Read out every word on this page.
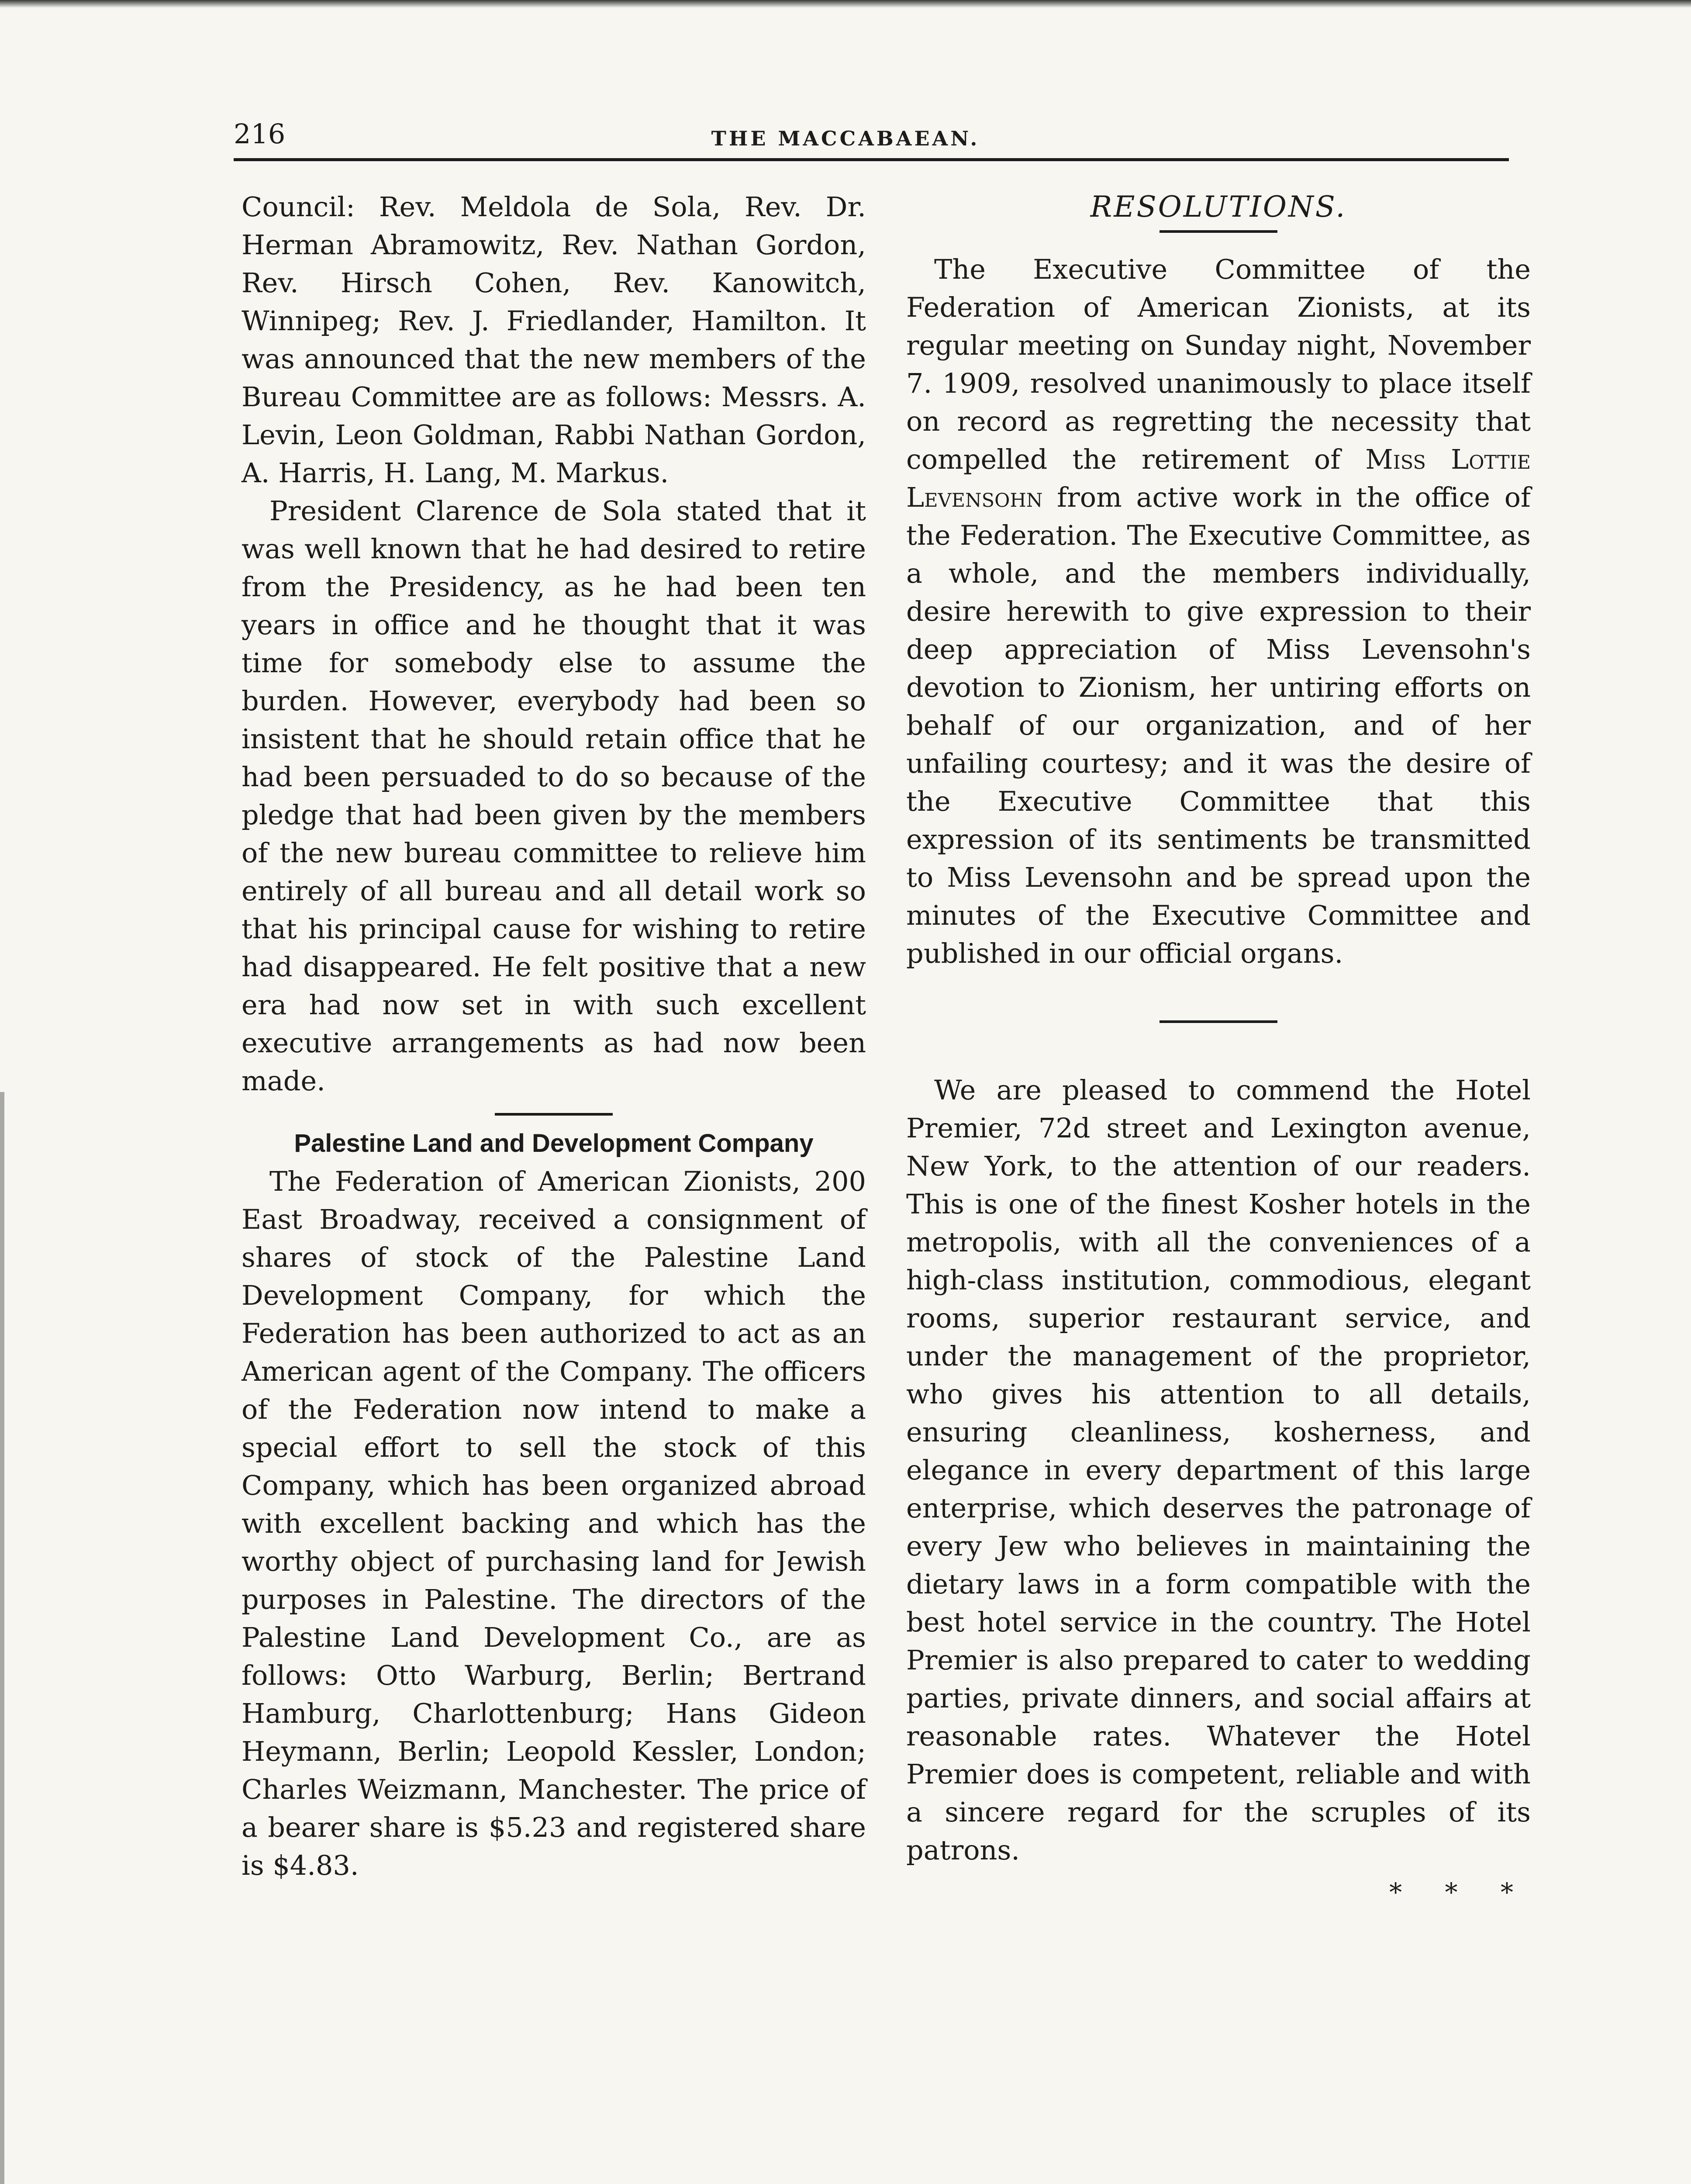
216	THE MACCABAEAN.

Council: Rev. Meldola de Sola, Rev. Dr. Herman Abramowitz, Rev. Nathan Gordon, Rev. Hirsch Cohen, Rev. Kanowitch, Winnipeg; Rev. J. Friedlander, Hamilton. It was announced that the new members of the Bureau Committee are as follows: Messrs. A. Levin, Leon Goldman, Rabbi Nathan Gordon, A. Harris, H. Lang, M. Markus.

President Clarence de Sola stated that it was well known that he had desired to retire from the Presidency, as he had been ten years in office and he thought that it was time for somebody else to assume the burden. However, everybody had been so insistent that he should retain office that he had been persuaded to do so because of the pledge that had been given by the members of the new bureau committee to relieve him entirely of all bureau and all detail work so that his principal cause for wishing to retire had disappeared. He felt positive that a new era had now set in with such excellent executive arrangements as had now been made.

Palestine Land and Development Company

The Federation of American Zionists, 200 East Broadway, received a consignment of shares of stock of the Palestine Land Development Company, for which the Federation has been authorized to act as an American agent of the Company. The officers of the Federation now intend to make a special effort to sell the stock of this Company, which has been organized abroad with excellent backing and which has the worthy object of purchasing land for Jewish purposes in Palestine. The directors of the Palestine Land Development Co., are as follows: Otto Warburg, Berlin; Bertrand Hamburg, Charlottenburg; Hans Gideon Heymann, Berlin; Leopold Kessler, London; Charles Weizmann, Manchester. The price of a bearer share is $5.23 and registered share is $4.83.

RESOLUTIONS.

The Executive Committee of the Federation of American Zionists, at its regular meeting on Sunday night, November 7. 1909, resolved unanimously to place itself on record as regretting the necessity that compelled the retirement of Miss Lottie Levensohn from active work in the office of the Federation. The Executive Committee, as a whole, and the members individually, desire herewith to give expression to their deep appreciation of Miss Levensohn's devotion to Zionism, her untiring efforts on behalf of our organization, and of her unfailing courtesy; and it was the desire of the Executive Committee that this expression of its sentiments be transmitted to Miss Levensohn and be spread upon the minutes of the Executive Committee and published in our official organs.

We are pleased to commend the Hotel Premier, 72d street and Lexington avenue, New York, to the attention of our readers. This is one of the finest Kosher hotels in the metropolis, with all the conveniences of a high-class institution, commodious, elegant rooms, superior restaurant service, and under the management of the proprietor, who gives his attention to all details, ensuring cleanliness, kosherness, and elegance in every department of this large enterprise, which deserves the patronage of every Jew who believes in maintaining the dietary laws in a form compatible with the best hotel service in the country. The Hotel Premier is also prepared to cater to wedding parties, private dinners, and social affairs at reasonable rates. Whatever the Hotel Premier does is competent, reliable and with a sincere regard for the scruples of its patrons.

* * *
